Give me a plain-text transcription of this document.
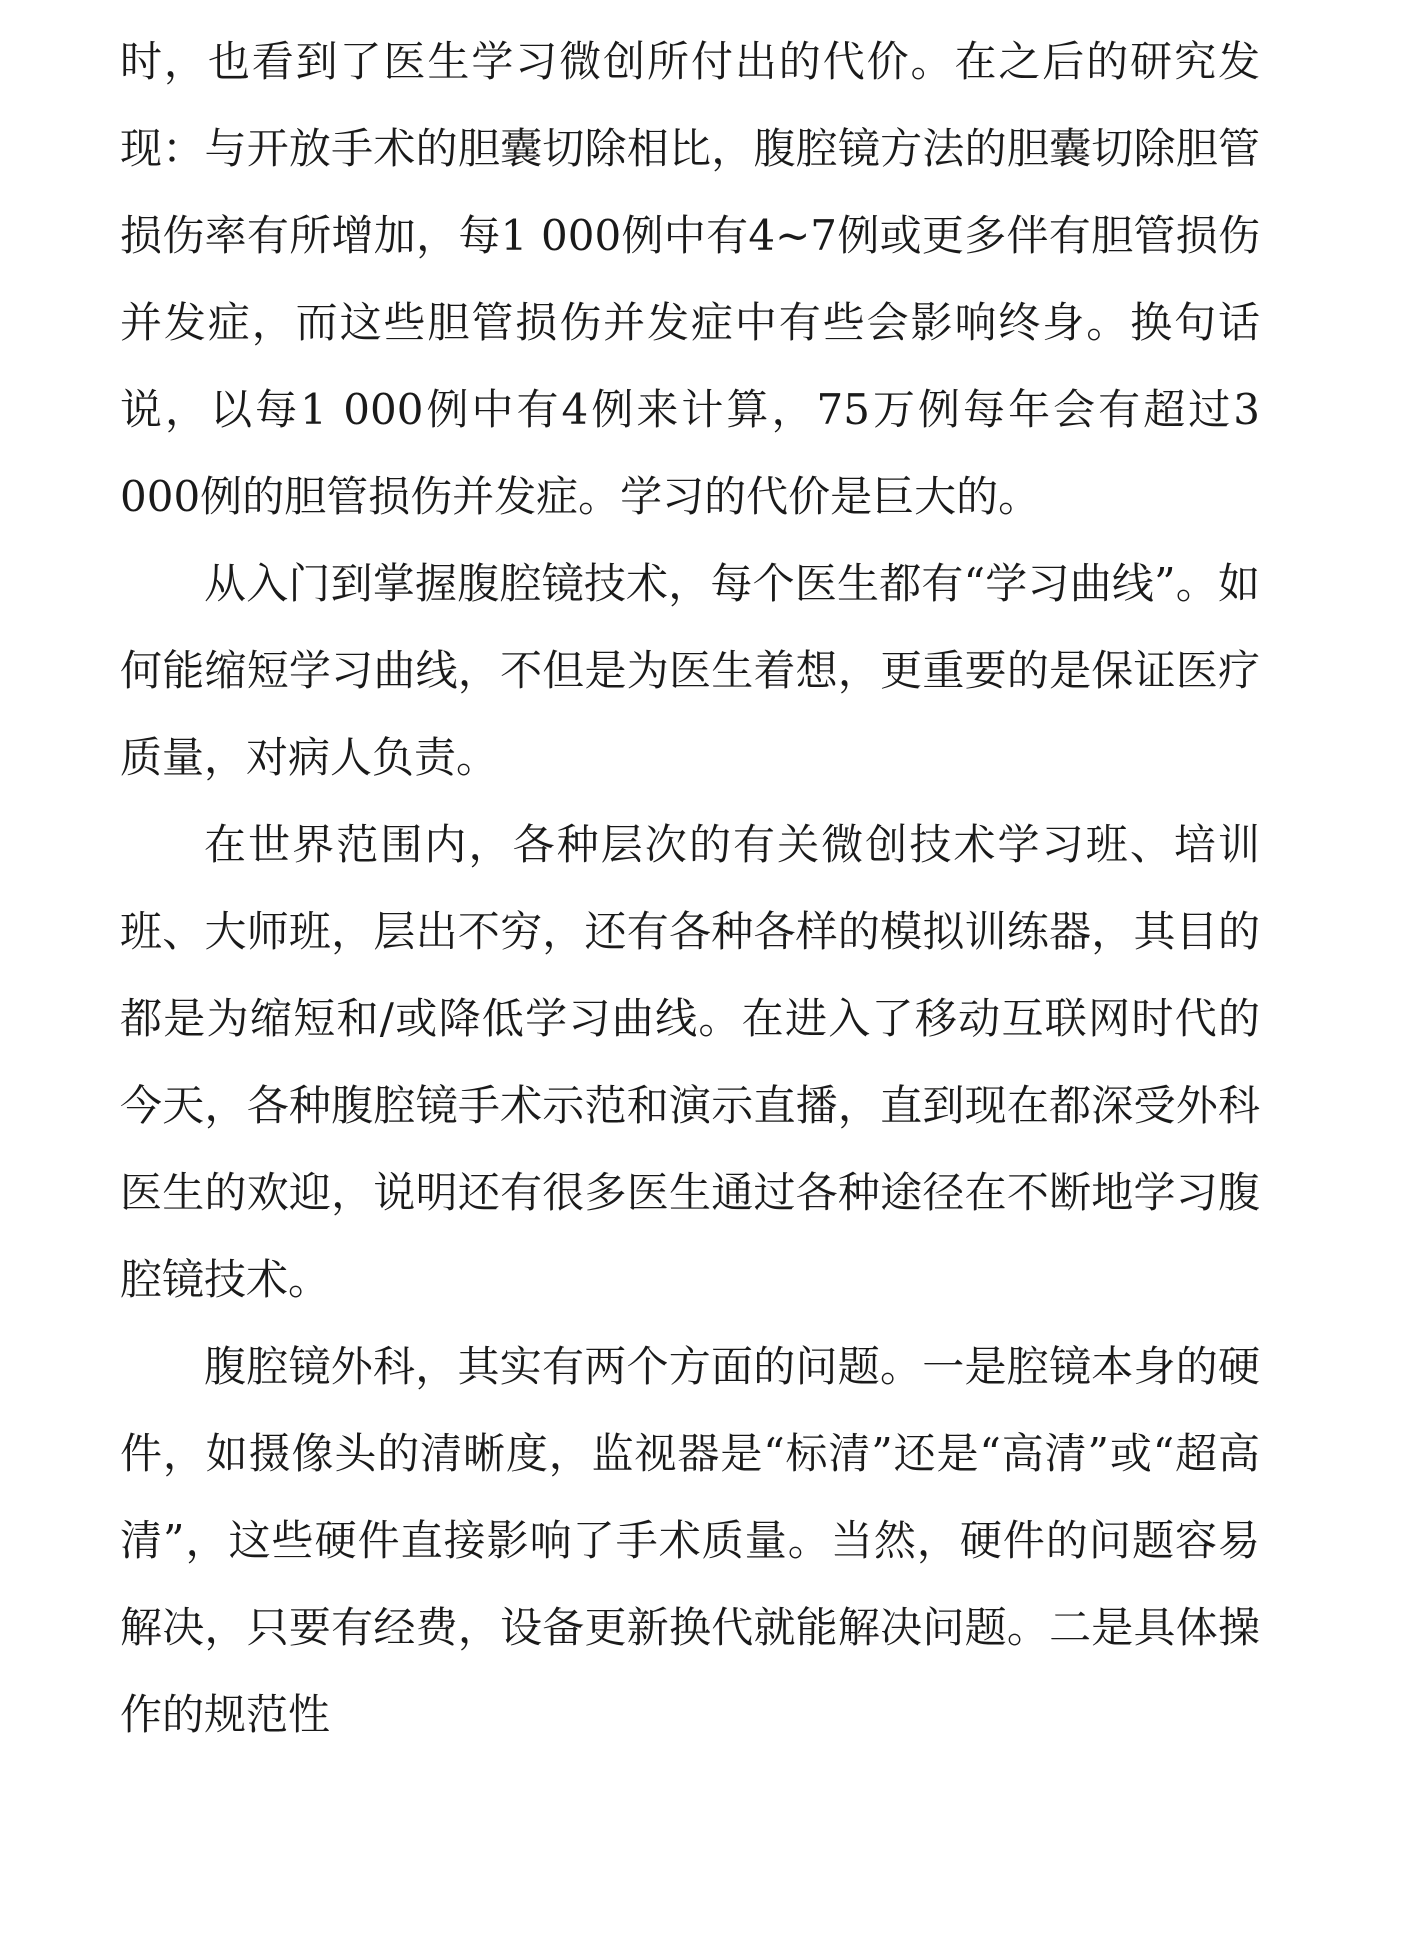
时，也看到了医生学习微创所付出的代价。在之后的研究发现：与开放手术的胆囊切除相比，腹腔镜方法的胆囊切除胆管损伤率有所增加，每1 000例中有4~7例或更多伴有胆管损伤并发症，而这些胆管损伤并发症中有些会影响终身。换句话说，以每1 000例中有4例来计算，75万例每年会有超过3 000例的胆管损伤并发症。学习的代价是巨大的。

从入门到掌握腹腔镜技术，每个医生都有“学习曲线”。如何能缩短学习曲线，不但是为医生着想，更重要的是保证医疗质量，对病人负责。

在世界范围内，各种层次的有关微创技术学习班、培训班、大师班，层出不穷，还有各种各样的模拟训练器，其目的都是为缩短和/或降低学习曲线。在进入了移动互联网时代的今天，各种腹腔镜手术示范和演示直播，直到现在都深受外科医生的欢迎，说明还有很多医生通过各种途径在不断地学习腹腔镜技术。

腹腔镜外科，其实有两个方面的问题。一是腔镜本身的硬件，如摄像头的清晰度，监视器是“标清”还是“高清”或“超高清”，这些硬件直接影响了手术质量。当然，硬件的问题容易解决，只要有经费，设备更新换代就能解决问题。二是具体操作的规范性
